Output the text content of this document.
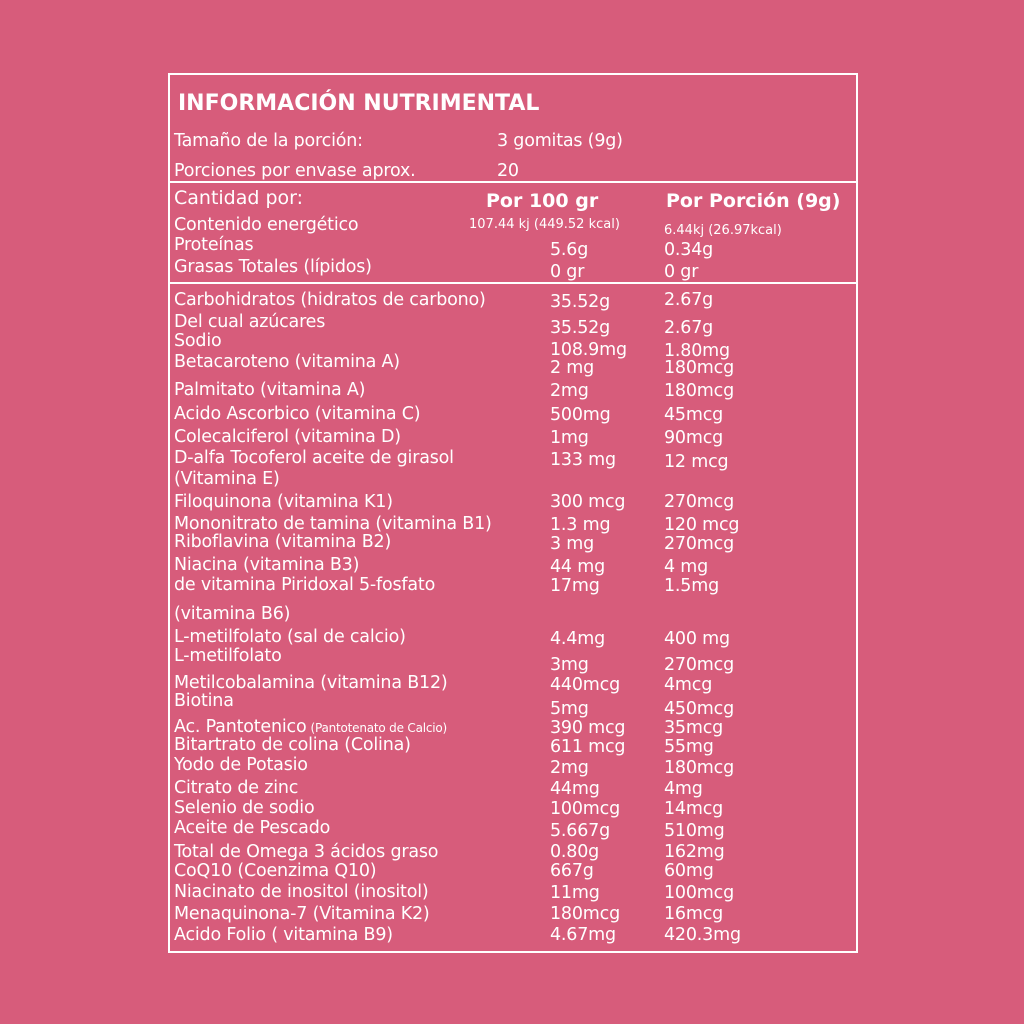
INFORMACIÓN NUTRIMENTAL
Tamaño de la porción:	3 gomitas (9g)
Porciones por envase aprox.	20
Cantidad por:	Por 100 gr	Por Porción (9g)
Contenido energético	107.44 kj (449.52 kcal)	6.44kj (26.97kcal)
Proteínas	5.6g	0.34g
Grasas Totales (lípidos)	0 gr	0 gr
Carbohidratos (hidratos de carbono)	35.52g	2.67g
Del cual azúcares	35.52g	2.67g
Sodio	108.9mg 1.80mg
Betacaroteno (vitamina A)	2 mg	180mcg
Palmitato (vitamina A)	2mg	180mcg
Acido Ascorbico (vitamina C)	500mg	45mcg
Colecalciferol (vitamina D)	1mg	90mcg
D-alfa Tocoferol aceite de girasol
(Vitamina E)
133 mg	12 mcg
Filoquinona (vitamina K1)	300 mcg 270mcg
Mononitrato de tamina (vitamina B1)	1.3 mg	120 mcg
Riboflavina (vitamina B2)	3 mg	270mcg
Niacina (vitamina B3)	44 mg	4 mg
de vitamina Piridoxal 5-fosfato
(vitamina B6)
17mg	1.5mg
L-metilfolato (sal de calcio)	4.4mg	400 mg
L-metilfolato	3mg	270mcg
Metilcobalamina (vitamina B12)	440mcg	4mcg
Biotina	5mg	450mcg
Ac. Pantotenico (Pantotenato de Calcio)	390 mcg 35mcg
Bitartrato de colina (Colina)	611 mcg 55mg
Yodo de Potasio	2mg	180mcg
Citrato de zinc	44mg	4mg
Selenio de sodio	100mcg	14mcg
Aceite de Pescado	5.667g	510mg
Total de Omega 3 ácidos graso	0.80g	162mg
CoQ10 (Coenzima Q10)	667g	60mg
Niacinato de inositol (inositol)	11mg	100mcg
Menaquinona-7 (Vitamina K2)	180mcg	16mcg
Acido Folio ( vitamina B9)	4.67mg	420.3mg
